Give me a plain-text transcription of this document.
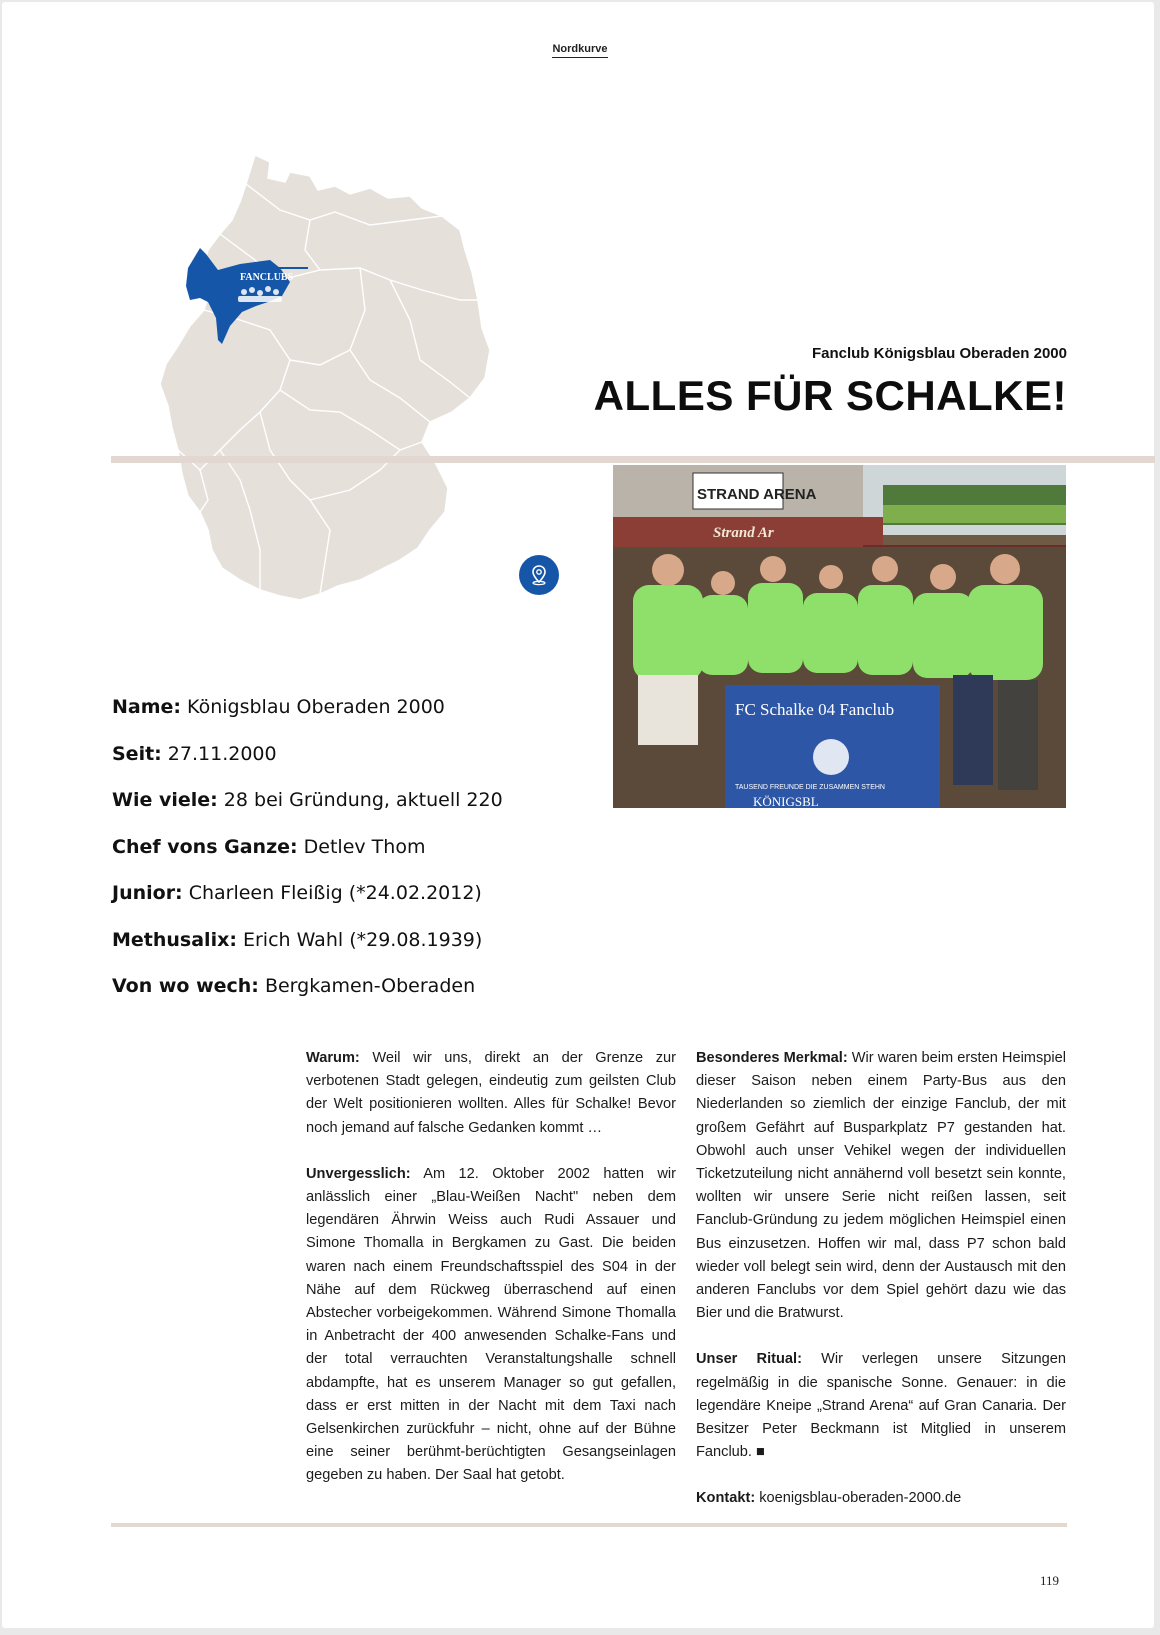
Nordkurve
FANCLUBS
Fanclub Königsblau Oberaden 2000
ALLES FÜR SCHALKE!
STRAND ARENA
Strand Ar
FC Schalke 04 Fanclub
TAUSEND FREUNDE DIE ZUSAMMEN STEHN
KÖNIGSBL
Name: Königsblau Oberaden 2000
Seit: 27.11.2000
Wie viele: 28 bei Gründung, aktuell 220
Chef vons Ganze: Detlev Thom
Junior: Charleen Fleißig (*24.02.2012)
Methusalix: Erich Wahl (*29.08.1939)
Von wo wech: Bergkamen-Oberaden

Warum: Weil wir uns, direkt an der Grenze zur verbotenen Stadt gelegen, eindeutig zum geilsten Club der Welt positionieren wollten. Alles für Schalke! Bevor noch jemand auf falsche Gedanken kommt …

Unvergesslich: Am 12. Oktober 2002 hatten wir anlässlich einer „Blau-Weißen Nacht" neben dem legendären Ährwin Weiss auch Rudi Assauer und Simone Thomalla in Bergkamen zu Gast. Die beiden waren nach einem Freundschaftsspiel des S04 in der Nähe auf dem Rückweg überraschend auf einen Abstecher vorbeigekommen. Während Simone Thomalla in Anbetracht der 400 anwesenden Schalke-Fans und der total verrauchten Veranstaltungshalle schnell abdampfte, hat es unserem Manager so gut gefallen, dass er erst mitten in der Nacht mit dem Taxi nach Gelsenkirchen zurückfuhr – nicht, ohne auf der Bühne eine seiner berühmt-berüchtigten Gesangseinlagen gegeben zu haben. Der Saal hat getobt.

Besonderes Merkmal: Wir waren beim ersten Heimspiel dieser Saison neben einem Party-Bus aus den Niederlanden so ziemlich der einzige Fanclub, der mit großem Gefährt auf Busparkplatz P7 gestanden hat. Obwohl auch unser Vehikel wegen der individuellen Ticketzuteilung nicht annähernd voll besetzt sein konnte, wollten wir unsere Serie nicht reißen lassen, seit Fanclub-Gründung zu jedem möglichen Heimspiel einen Bus einzusetzen. Hoffen wir mal, dass P7 schon bald wieder voll belegt sein wird, denn der Austausch mit den anderen Fanclubs vor dem Spiel gehört dazu wie das Bier und die Bratwurst.

Unser Ritual: Wir verlegen unsere Sitzungen regelmäßig in die spanische Sonne. Genauer: in die legendäre Kneipe „Strand Arena“ auf Gran Canaria. Der Besitzer Peter Beckmann ist Mitglied in unserem Fanclub. ■

Kontakt: koenigsblau-oberaden-2000.de

119
